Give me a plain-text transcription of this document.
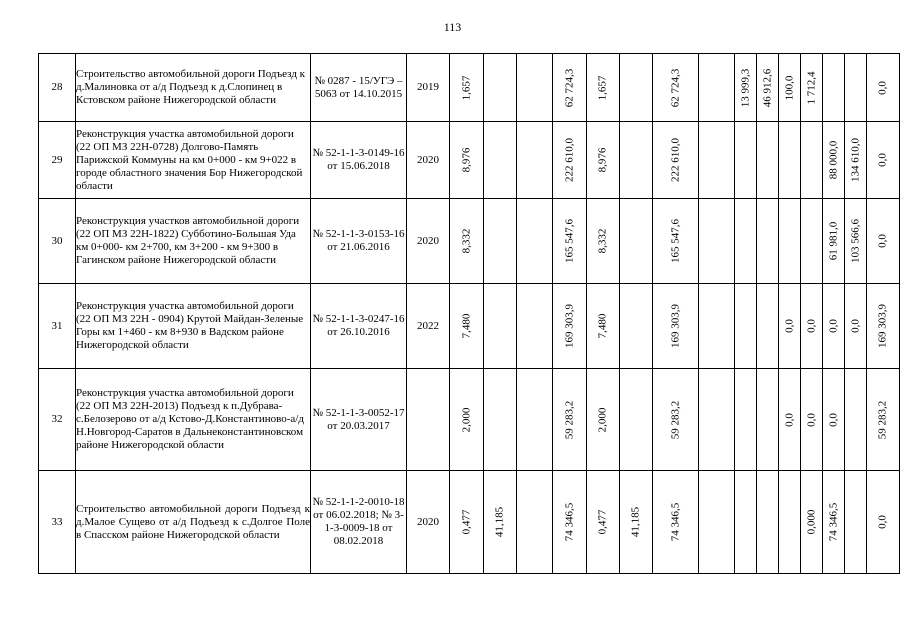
113
28	Строительство автомобильной дороги Подъезд к д.Малиновка от а/д Подъезд к д.Слопинец в Кстовском районе Нижегородской области	№ 0287 - 15/УГЭ – 5063 от 14.10.2015	2019	1,657			62 724,3	1,657		62 724,3		13 999,3	46 912,6	100,0	1 712,4			0,0

29	Реконструкция участка автомобильной дороги (22 ОП МЗ 22Н-0728) Долгово-Память Парижской Коммуны на км 0+000 - км 9+022 в городе областного значения Бор Нижегородской области	№ 52-1-1-3-0149-16 от 15.06.2018	2020	8,976			222 610,0	8,976		222 610,0						88 000,0	134 610,0	0,0

30	Реконструкция участков автомобильной дороги (22 ОП МЗ 22Н-1822) Субботино-Большая Уда км 0+000- км 2+700, км 3+200 - км 9+300 в Гагинском районе Нижегородской области	№ 52-1-1-3-0153-16 от 21.06.2016	2020	8,332			165 547,6	8,332		165 547,6						61 981,0	103 566,6	0,0

31	Реконструкция участка автомобильной дороги (22 ОП МЗ 22Н - 0904) Крутой Майдан-Зеленые Горы км 1+460 - км 8+930 в Вадском районе Нижегородской области	№ 52-1-1-3-0247-16 от 26.10.2016	2022	7,480			169 303,9	7,480		169 303,9				0,0	0,0	0,0	0,0	169 303,9

32	Реконструкция участка автомобильной дороги (22 ОП МЗ 22Н-2013) Подъезд к п.Дубрава-с.Белозерово от а/д Кстово-Д.Константиново-а/д Н.Новгород-Саратов в Дальнеконстантиновском районе Нижегородской области	№ 52-1-1-3-0052-17 от 20.03.2017		2,000			59 283,2	2,000		59 283,2				0,0	0,0	0,0		59 283,2

33	Строительство автомобильной дороги Подъезд к д.Малое Сущево от а/д Подъезд к с.Долгое Поле в Спасском районе Нижегородской области	№ 52-1-1-2-0010-18 от 06.02.2018; № 3-1-3-0009-18 от 08.02.2018	2020	0,477	41,185		74 346,5	0,477	41,185	74 346,5					0,000	74 346,5		0,0
